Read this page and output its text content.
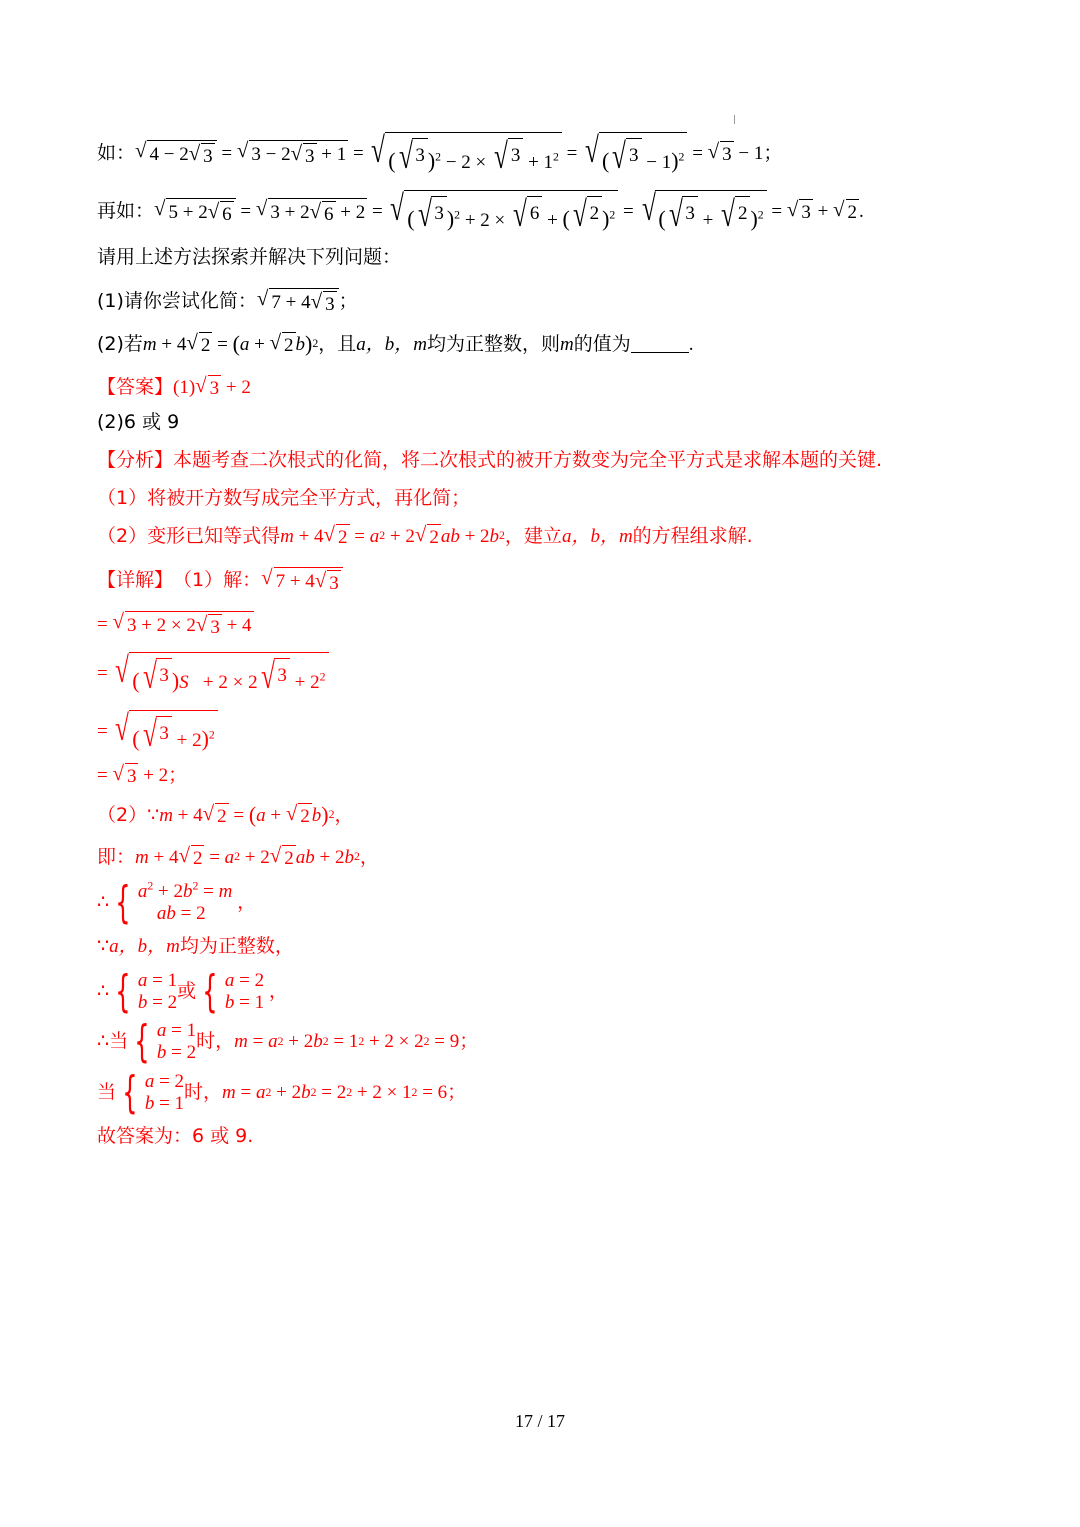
如： √ 4 − 2 √ 3 = √ 3 − 2 √ 3 + 1 = √ ( √ 3 )$^2$ − 2 × √ $3 + 1^2$ = √ ( √ 3 − 1)$^2$ = √ 3 − 1；
再如： √ 5 + 2 √ 6 = √ 3 + 2 √ 6 + 2 = √ ( √ 3 )$^2$ + 2 × √ 6 + ( √ 2 )$^2$ = √ ( √ 3 + √ 2 )$^2$ = √ 3 + √ 2 .
请用上述方法探索并解决下列问题：
(1)请你尝试化简： √ 7 + 4 √ 3 ；
(2)若 m + 4 √ 2 = ( a + √ 2 b ) 2 ，且 a，b，m 均为正整数，则 m 的值为	.
【答案】 (1) √ 3 + 2
(2)6 或 9
【分析】 本题考查二次根式的化简，将二次根式的被开方数变为完全平方式是求解本题的关键.
（1）将被开方数写成完全平方式，再化简；
（2）变形已知等式得 m + 4 √ 2 = a 2 + 2 √ 2 ab + 2 b 2 ，建立 a，b，m 的方程组求解.
【详解】 （1）解： √ 7 + 4 √ 3
= √ 3 + 2 × 2 √ 3 + 4
= √ ( √ 3 )S   + 2 × 2 √ $3 + 2^2$
= √ ( √ 3 + 2)$^2$
= √ 3 + 2；
（2）∵ m + 4 √ 2 = ( a + √ 2 b ) 2 ，
即： m + 4 √ 2 = a 2 + 2 √ 2 ab + 2 b 2 ，
∴ { $a^2 + 2b^2 = m$
ab = 2	，
∵ a，b，m 均为正整数，
∴ { a = 1
b = 2 或 { a = 2
b = 1 ，
∴ 当 { a = 1
b = 2 时， m = a 2 + 2 b 2 = 1 2 + 2 × 2 2 = 9；
当 { a = 2
b = 1 时， m = a 2 + 2 b 2 = 2 2 + 2 × 1 2 = 6；
故答案为：6 或 9.
17 / 17
